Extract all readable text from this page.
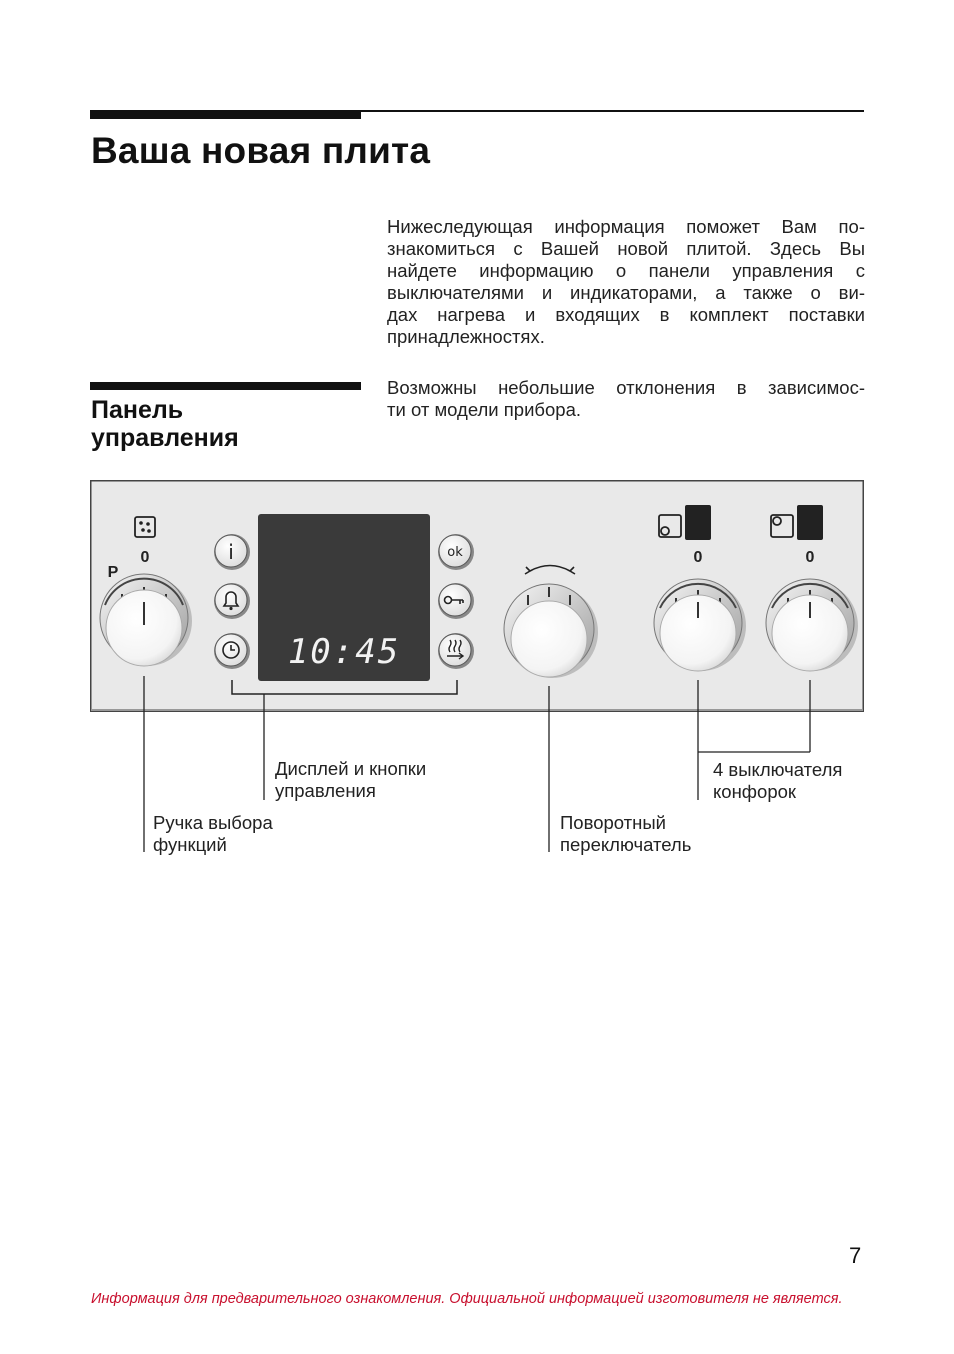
Ваша новая плита
Нижеследующая информация поможет Вам по-
знакомиться с Вашей новой плитой. Здесь Вы
найдете информацию о панели управления с
выключателями и индикаторами, а также о ви-
дах нагрева и входящих в комплект поставки
принадлежностях.
Панель
управления
Возможны небольшие отклонения в зависимос-
ти от модели прибора.
0
P
i
10:45
ok	0	0
Дисплей и кнопки
управления
4 выключателя
конфорок
Ручка выбора
функций
Поворотный
переключатель
7
Информация для предварительного ознакомления. Официальной информацией изготовителя не является.
